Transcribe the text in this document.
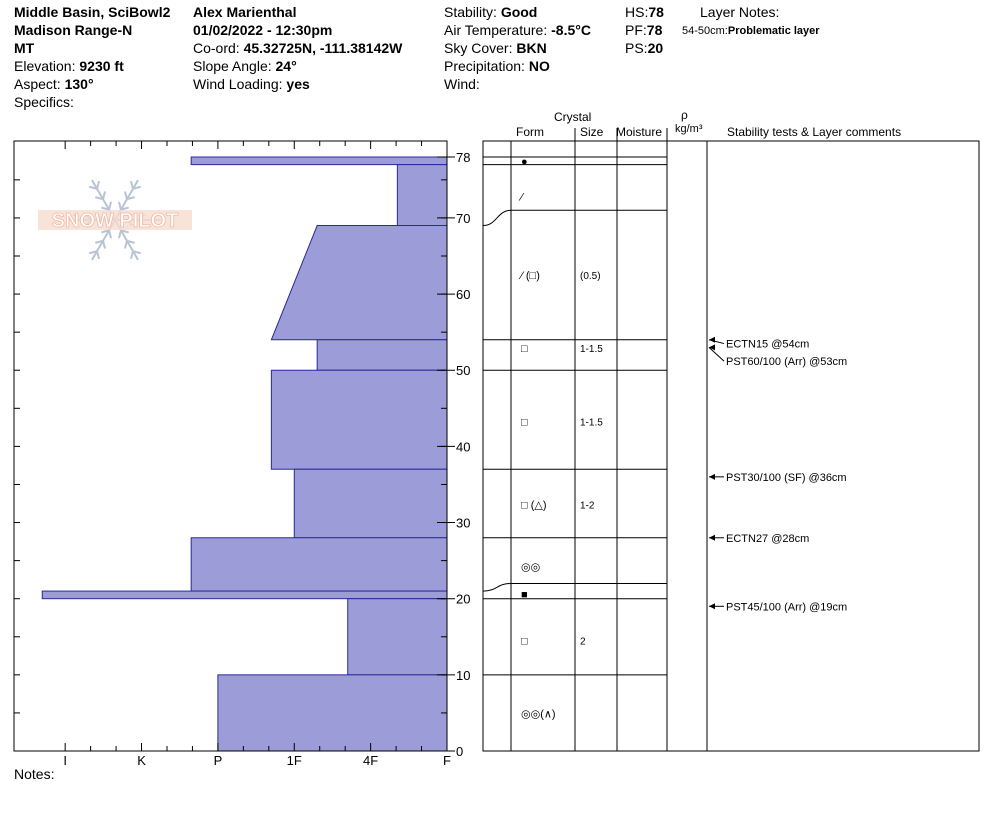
Middle Basin, SciBowl2
Madison Range-N
MT
Elevation: 9230 ft
Aspect: 130°
Specifics:
Alex Marienthal
01/02/2022 - 12:30pm
Co-ord: 45.32725N, -111.38142W
Slope Angle: 24°
Wind Loading: yes
Stability: Good
Air Temperature: -8.5°C
Sky Cover: BKN
Precipitation: NO
Wind:
HS:78
PF:78
PS:20
Layer Notes:
54-50cm:Problematic layer
Crystal
Form	Size Moisture
ρ
kg/m³ Stability tests & Layer comments
SNOW PILOT
0
10
20
30
40
50
60
70
78
I	K	P	1F	4F	F
●
⁄
⁄ (□)	(0.5)
□	1-1.5
□	1-1.5
□ (△)	1-2
◎◎
■
□	2
◎◎(∧)
ECTN15 @54cm
PST60/100 (Arr) @53cm
PST30/100 (SF) @36cm
ECTN27 @28cm
PST45/100 (Arr) @19cm
Notes:
